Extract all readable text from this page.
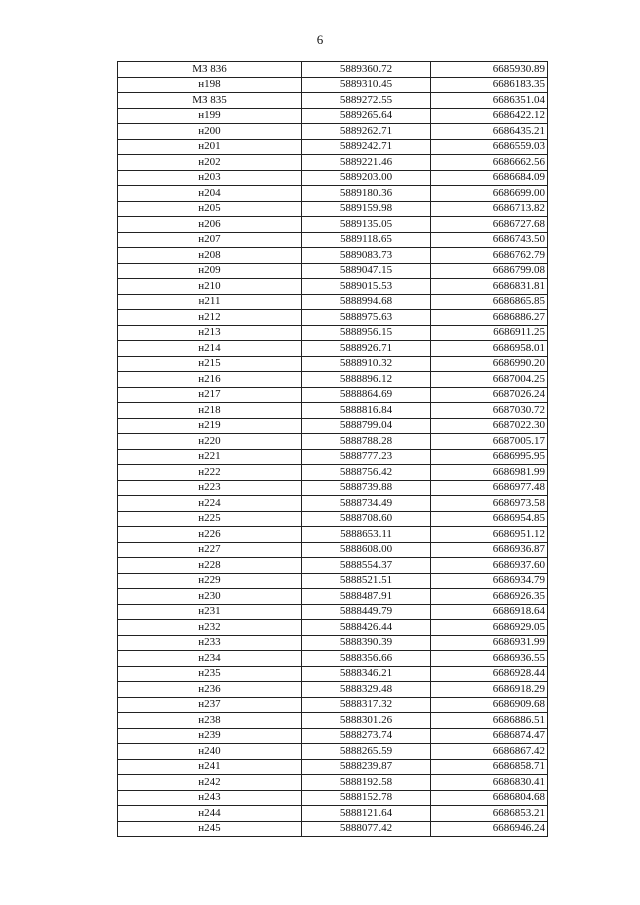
6
МЗ 836	5889360.72	6685930.89
н198	5889310.45	6686183.35
МЗ 835	5889272.55	6686351.04
н199	5889265.64	6686422.12
н200	5889262.71	6686435.21
н201	5889242.71	6686559.03
н202	5889221.46	6686662.56
н203	5889203.00	6686684.09
н204	5889180.36	6686699.00
н205	5889159.98	6686713.82
н206	5889135.05	6686727.68
н207	5889118.65	6686743.50
н208	5889083.73	6686762.79
н209	5889047.15	6686799.08
н210	5889015.53	6686831.81
н211	5888994.68	6686865.85
н212	5888975.63	6686886.27
н213	5888956.15	6686911.25
н214	5888926.71	6686958.01
н215	5888910.32	6686990.20
н216	5888896.12	6687004.25
н217	5888864.69	6687026.24
н218	5888816.84	6687030.72
н219	5888799.04	6687022.30
н220	5888788.28	6687005.17
н221	5888777.23	6686995.95
н222	5888756.42	6686981.99
н223	5888739.88	6686977.48
н224	5888734.49	6686973.58
н225	5888708.60	6686954.85
н226	5888653.11	6686951.12
н227	5888608.00	6686936.87
н228	5888554.37	6686937.60
н229	5888521.51	6686934.79
н230	5888487.91	6686926.35
н231	5888449.79	6686918.64
н232	5888426.44	6686929.05
н233	5888390.39	6686931.99
н234	5888356.66	6686936.55
н235	5888346.21	6686928.44
н236	5888329.48	6686918.29
н237	5888317.32	6686909.68
н238	5888301.26	6686886.51
н239	5888273.74	6686874.47
н240	5888265.59	6686867.42
н241	5888239.87	6686858.71
н242	5888192.58	6686830.41
н243	5888152.78	6686804.68
н244	5888121.64	6686853.21
н245	5888077.42	6686946.24
